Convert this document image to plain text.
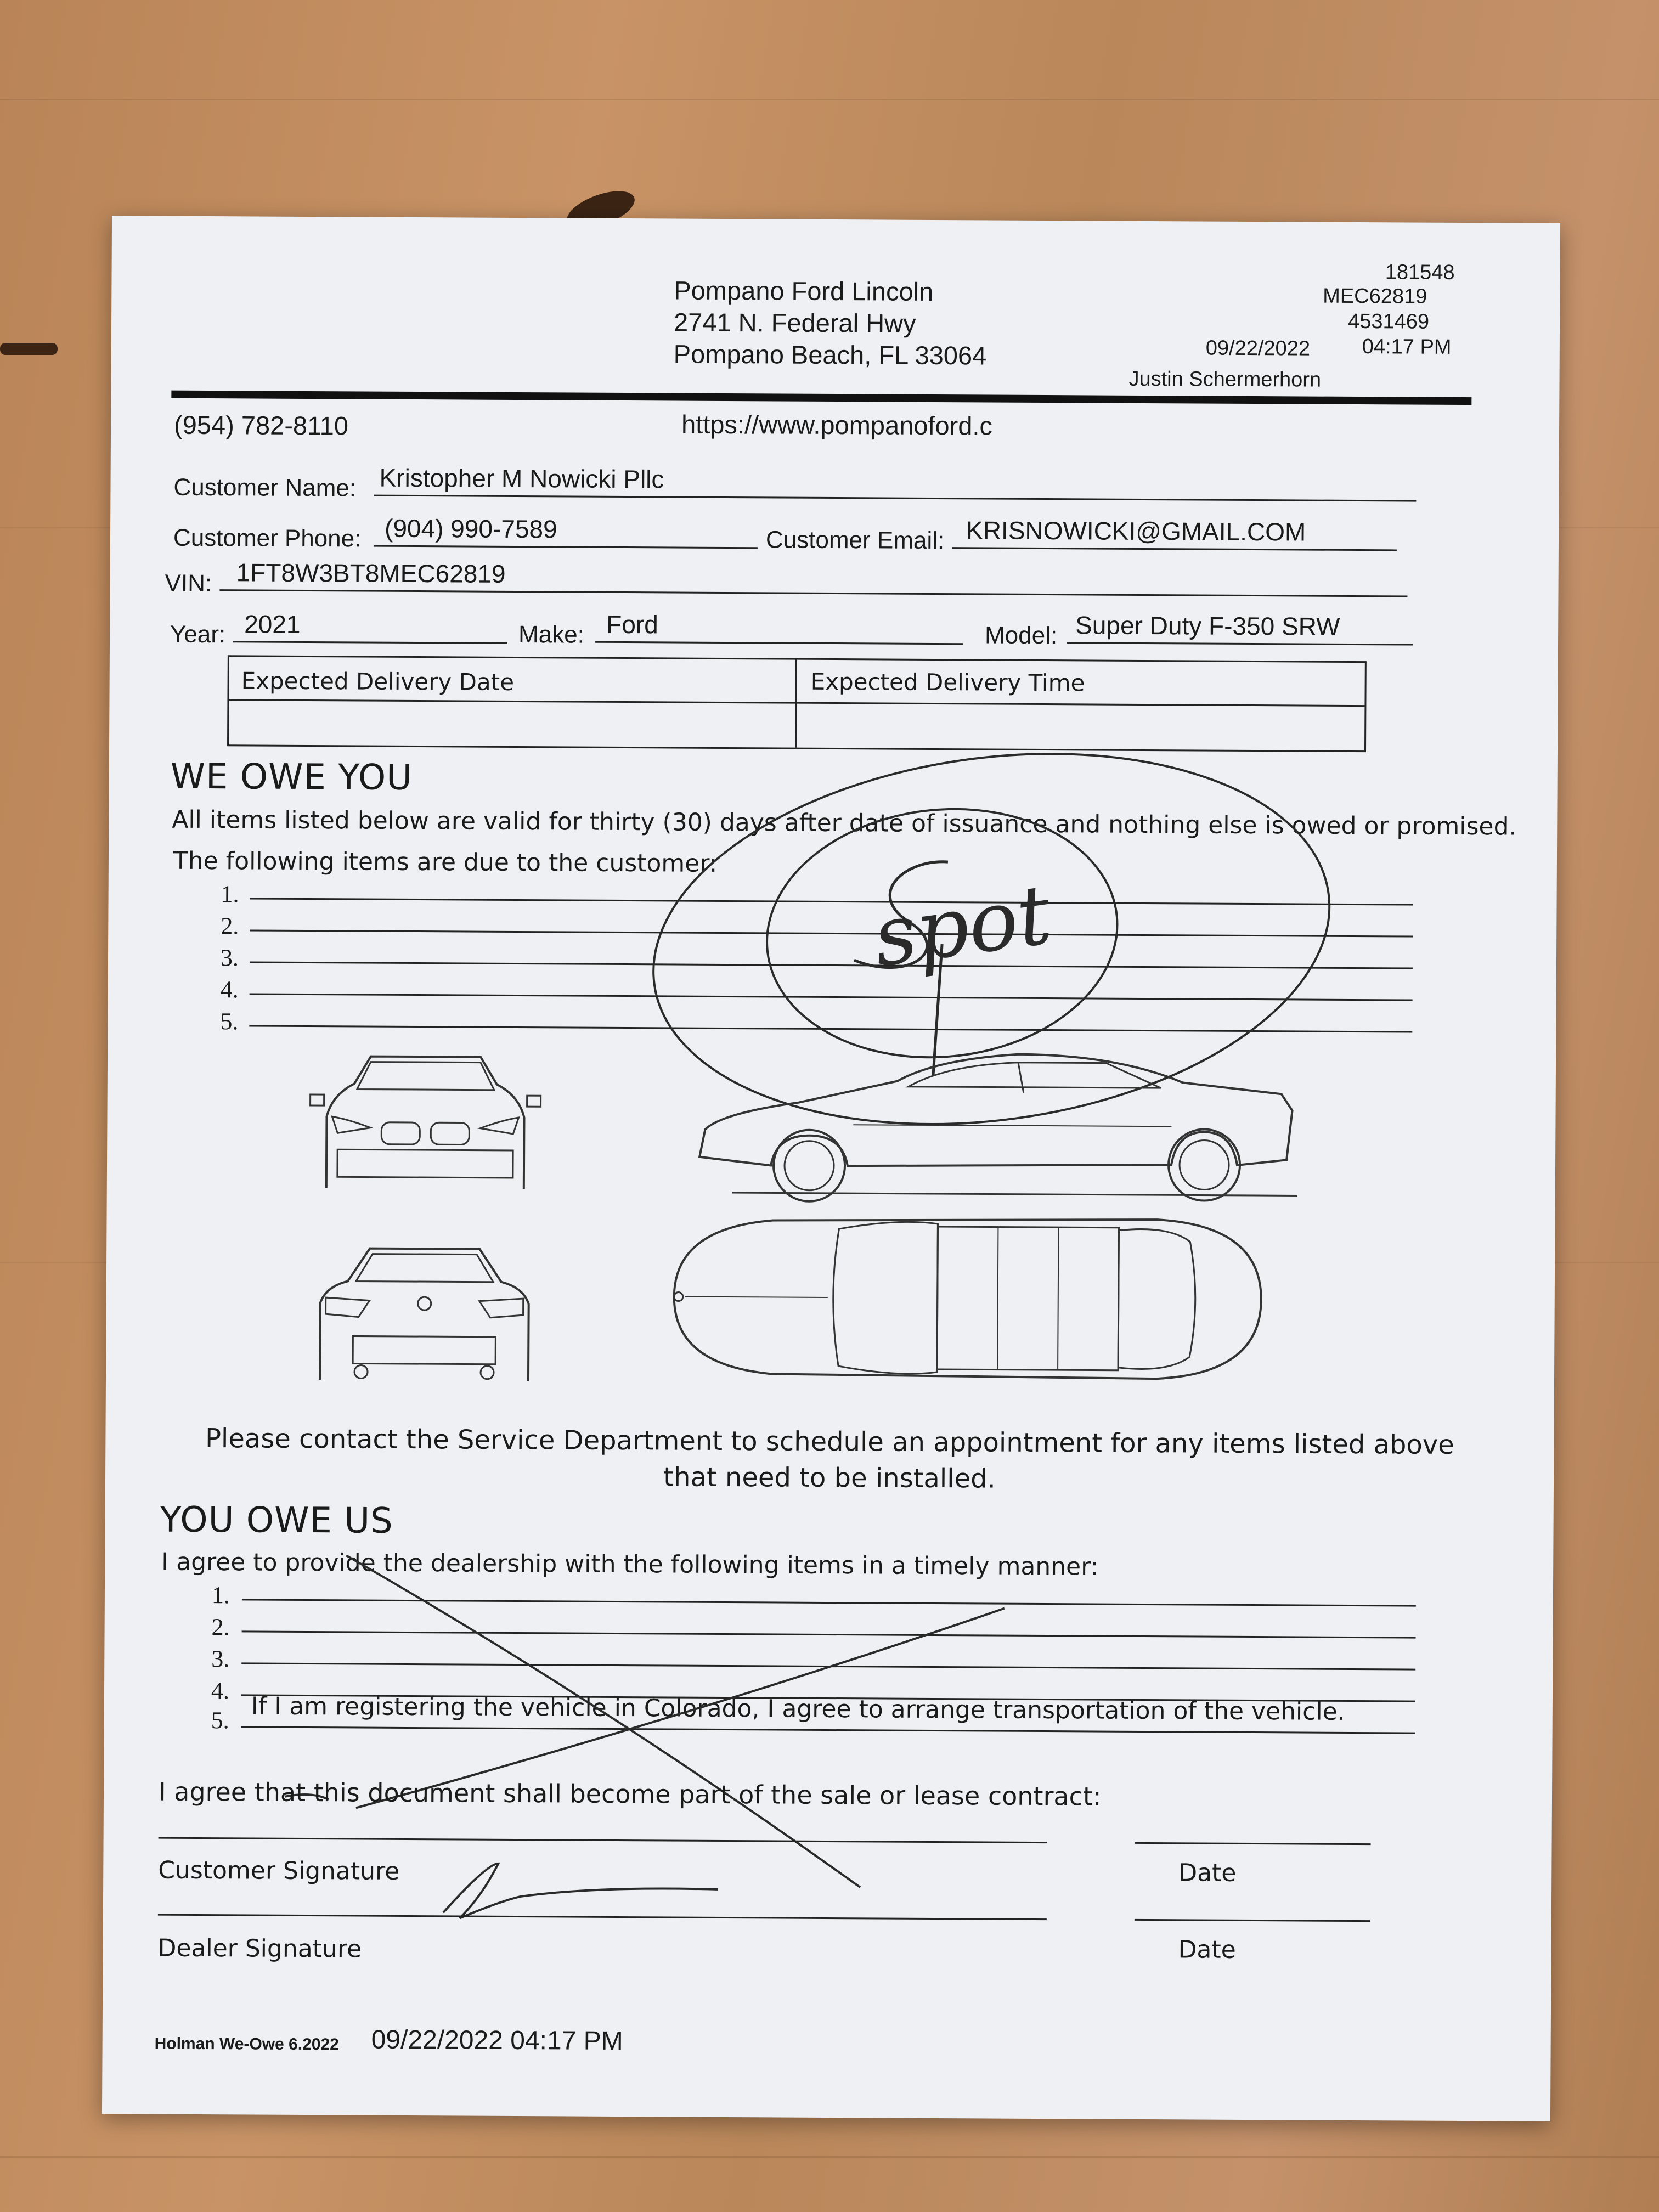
Pompano Ford Lincoln
2741 N. Federal Hwy
Pompano Beach, FL 33064
181548
MEC62819
4531469
09/22/2022 04:17 PM
Justin Schermerhorn
(954) 782-8110	https://www.pompanoford.c
Customer Name: Kristopher M Nowicki Pllc
Customer Phone: (904) 990-7589	Customer Email: KRISNOWICKI@GMAIL.COM
VIN: 1FT8W3BT8MEC62819
Year: 2021	Make: Ford	Model: Super Duty F-350 SRW
Expected Delivery Date	Expected Delivery Time
WE OWE YOU
All items listed below are valid for thirty (30) days after date of issuance and nothing else is owed or promised.
The following items are due to the customer:
1.
2.
3.
4.
5.
spot
Please contact the Service Department to schedule an appointment for any items listed above
that need to be installed.
YOU OWE US
I agree to provide the dealership with the following items in a timely manner:
1.
2.
3.
4.
5. If I am registering the vehicle in Colorado, I agree to arrange transportation of the vehicle.
I agree that this document shall become part of the sale or lease contract:
Customer Signature	Date
Dealer Signature	Date
Holman We-Owe 6.2022 09/22/2022 04:17 PM
